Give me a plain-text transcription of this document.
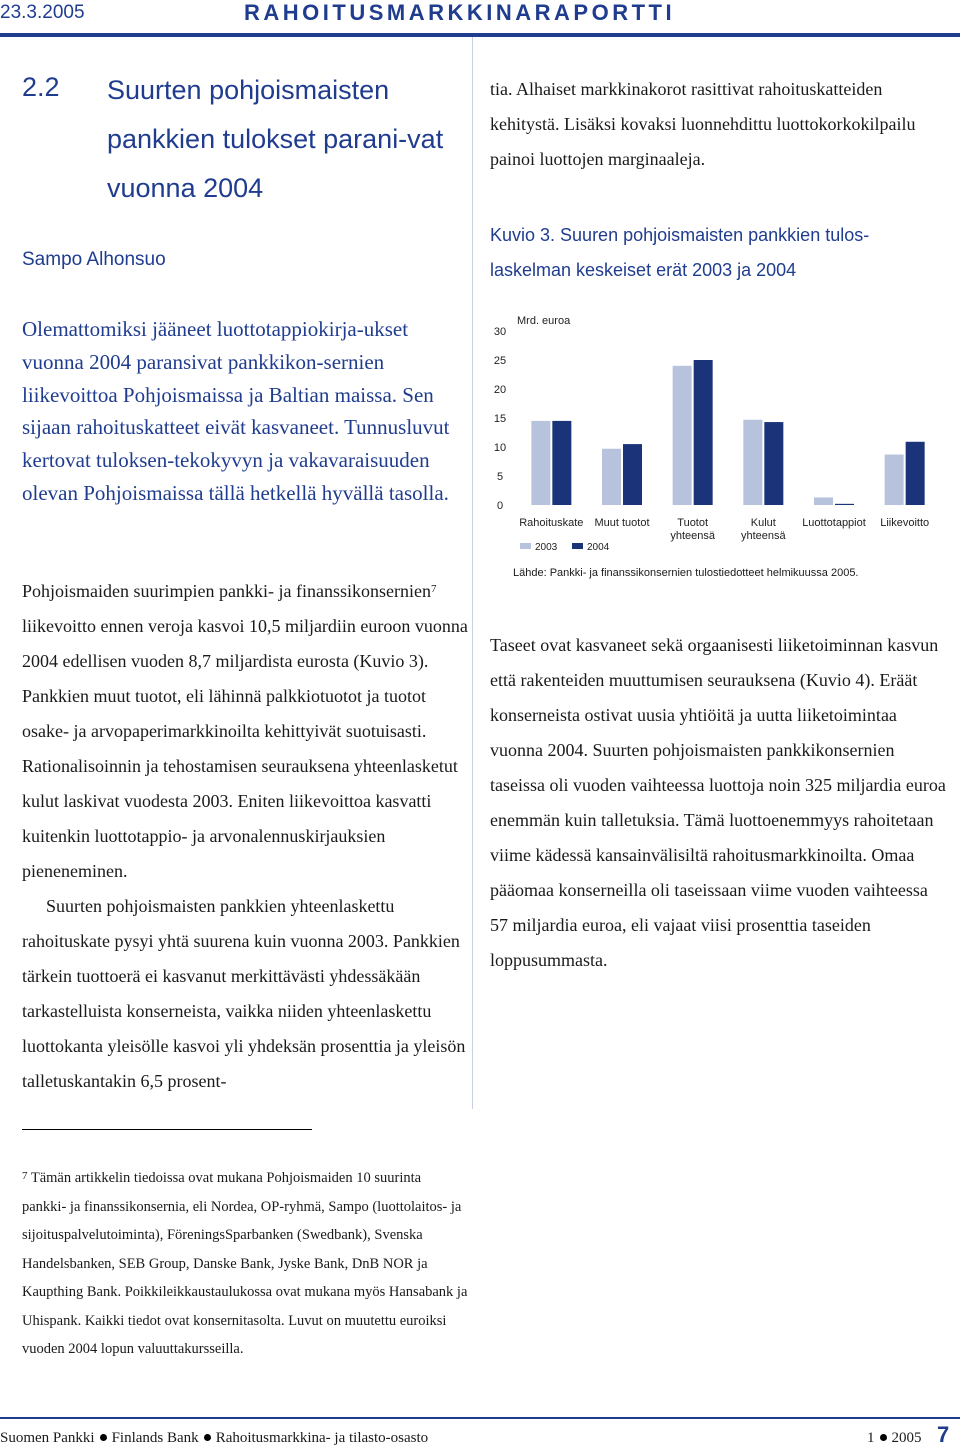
23.3.2005	RAHOITUSMARKKINARAPORTTI
2.2 Suurten pohjoismaisten pankkien tulokset parani-vat vuonna 2004
Sampo Alhonsuo
Olemattomiksi jääneet luottotappiokirja-ukset vuonna 2004 paransivat pankkikon-sernien liikevoittoa Pohjoismaissa ja Baltian maissa. Sen sijaan rahoituskatteet eivät kasvaneet. Tunnusluvut kertovat tuloksen-tekokyvyn ja vakavaraisuuden olevan Pohjoismaissa tällä hetkellä hyvällä tasolla.

Pohjoismaiden suurimpien pankki- ja finanssikonsernien$^7$ liikevoitto ennen veroja kasvoi 10,5 miljardiin euroon vuonna 2004 edellisen vuoden 8,7 miljardista eurosta (Kuvio 3). Pankkien muut tuotot, eli lähinnä palkkiotuotot ja tuotot osake- ja arvopaperimarkkinoilta kehittyivät suotuisasti. Rationalisoinnin ja tehostamisen seurauksena yhteenlasketut kulut laskivat vuodesta 2003. Eniten liikevoittoa kasvatti kuitenkin luottotappio- ja arvonalennuskirjauksien pieneneminen.

Suurten pohjoismaisten pankkien yhteenlaskettu rahoituskate pysyi yhtä suurena kuin vuonna 2003. Pankkien tärkein tuottoerä ei kasvanut merkittävästi yhdessäkään tarkastelluista konserneista, vaikka niiden yhteenlaskettu luottokanta yleisölle kasvoi yli yhdeksän prosenttia ja yleisön talletuskantakin 6,5 prosent-

tia. Alhaiset markkinakorot rasittivat rahoituskatteiden kehitystä. Lisäksi kovaksi luonnehdittu luottokorkokilpailu painoi luottojen marginaaleja.
Kuvio 3. Suuren pohjoismaisten pankkien tulos-
laskelman keskeiset erät 2003 ja 2004
Mrd. euroa
0
5
10
15
20
25
30
Rahoituskate Muut tuotot	Tuotot
yhteensä
Kulut
yhteensä
Luottotappiot Liikevoitto
2003	2004
Lähde: Pankki- ja finanssikonsernien tulostiedotteet helmikuussa 2005.
Taseet ovat kasvaneet sekä orgaanisesti liiketoiminnan kasvun että rakenteiden muuttumisen seurauksena (Kuvio 4). Eräät konserneista ostivat uusia yhtiöitä ja uutta liiketoimintaa vuonna 2004. Suurten pohjoismaisten pankkikonsernien taseissa oli vuoden vaihteessa luottoja noin 325 miljardia euroa enemmän kuin talletuksia. Tämä luottoenemmyys rahoitetaan viime kädessä kansainvälisiltä rahoitusmarkkinoilta. Omaa pääomaa konserneilla oli taseissaan viime vuoden vaihteessa 57 miljardia euroa, eli vajaat viisi prosenttia taseiden loppusummasta.
$^7$ Tämän artikkelin tiedoissa ovat mukana Pohjoismaiden 10 suurinta pankki- ja finanssikonsernia, eli Nordea, OP-ryhmä, Sampo (luottolaitos- ja sijoituspalvelutoiminta), FöreningsSparbanken (Swedbank), Svenska Handelsbanken, SEB Group, Danske Bank, Jyske Bank, DnB NOR ja Kaupthing Bank. Poikkileikkaustaulukossa ovat mukana myös Hansabank ja Uhispank. Kaikki tiedot ovat konsernitasolta. Luvut on muutettu euroiksi vuoden 2004 lopun valuuttakursseilla.
Suomen Pankki Finlands Bank Rahoitusmarkkina- ja tilasto-osasto	1 2005 7
